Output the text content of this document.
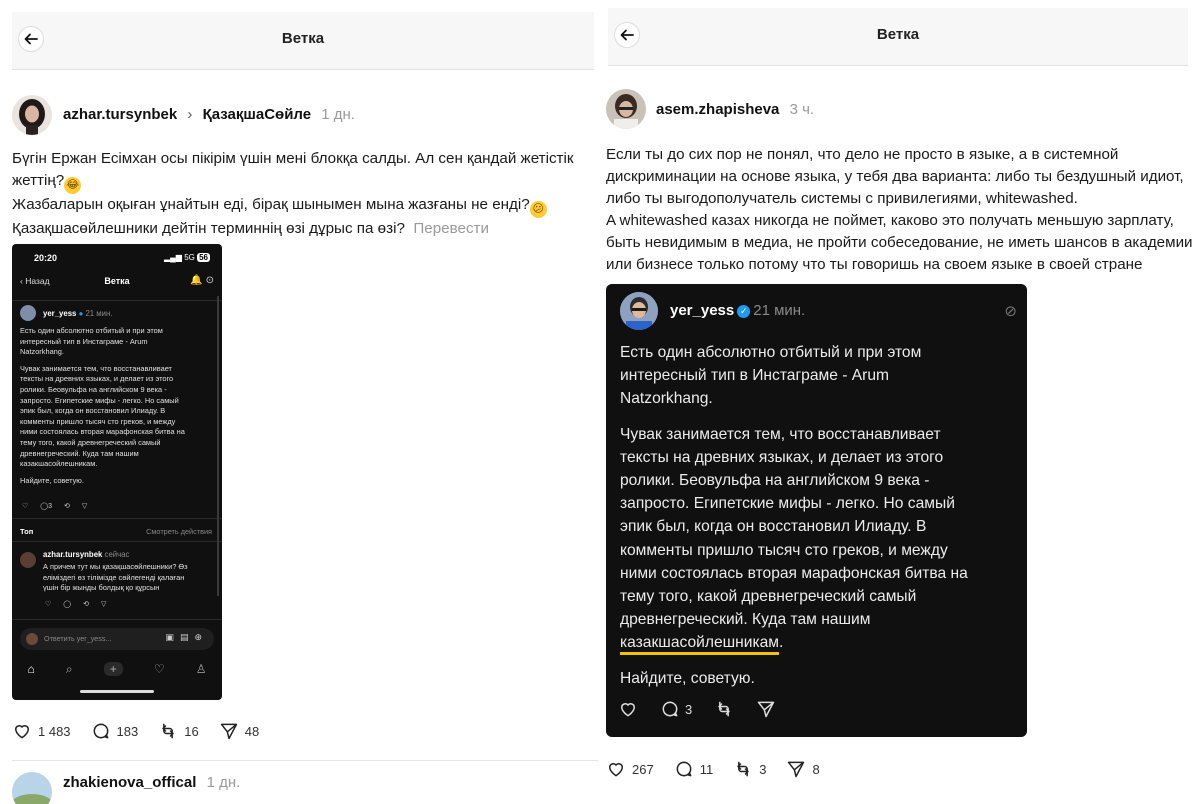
Ветка
azhar.tursynbek › ҚазақшаСөйле 1 дн.
Бүгін Ержан Есімхан осы пікірім үшін мені блокқа салды. Ал сен қандай жетістік
жеттің? 😂
Жазбаларын оқыған ұнайтын еді, бірақ шынымен мына жазғаны не енді? 😕
Қазақшасөйлешники дейтін терминнің өзі дұрыс па өзі? Перевести
20:20	▂▄▆ 5G 56
‹ Назад	Ветка	🔔 ⊙
yer_yess ● 21 мин.
Есть один абсолютно отбитый и при этом
интересный тип в Инстаграме - Arum
Natzorkhang.
Чувак занимается тем, что восстанавливает
тексты на древних языках, и делает из этого
ролики. Беовульфа на английском 9 века -
запросто. Египетские мифы - легко. Но самый
эпик был, когда он восстановил Илиаду. В
комменты пришло тысяч сто греков, и между
ними состоялась вторая марафонская битва на
тему того, какой древнегреческий самый
древнегреческий. Куда там нашим
казакшасойлешникам.
Найдите, советую.
♡ ◯3 ⟲ ▽
Топ	Смотреть действия
azhar.tursynbek сейчас
А причем тут мы қазақшасөйлешники? Өз
еліміздегі өз тілімізде сөйлегенді қалаған
үшін бір жынды болдық қо құрсын
♡ ◯ ⟲ ▽
Ответить yer_yess...	▣▤⊕
⌂	⌕	+	♡	♙
1 483	183	16	48
zhakienova_offical 1 дн.
Ветка
asem.zhapisheva 3 ч.
Если ты до сих пор не понял, что дело не просто в языке, а в системной
дискриминации на основе языка, у тебя два варианта: либо ты бездушный идиот,
либо ты выгодополучатель системы с привилегиями, whitewashed.
A whitewashed казах никогда не поймет, каково это получать меньшую зарплату,
быть невидимым в медиа, не пройти собеседование, не иметь шансов в академии
или бизнесе только потому что ты говоришь на своем языке в своей стране
267	11	3	8
yer_yess ✓ 21 мин.	⊘
Есть один абсолютно отбитый и при этом
интересный тип в Инстаграме - Arum
Natzorkhang.
Чувак занимается тем, что восстанавливает
тексты на древних языках, и делает из этого
ролики. Беовульфа на английском 9 века -
запросто. Египетские мифы - легко. Но самый
эпик был, когда он восстановил Илиаду. В
комменты пришло тысяч сто греков, и между
ними состоялась вторая марафонская битва на
тему того, какой древнегреческий самый
древнегреческий. Куда там нашим
казакшасойлешникам.
Найдите, советую.
3
